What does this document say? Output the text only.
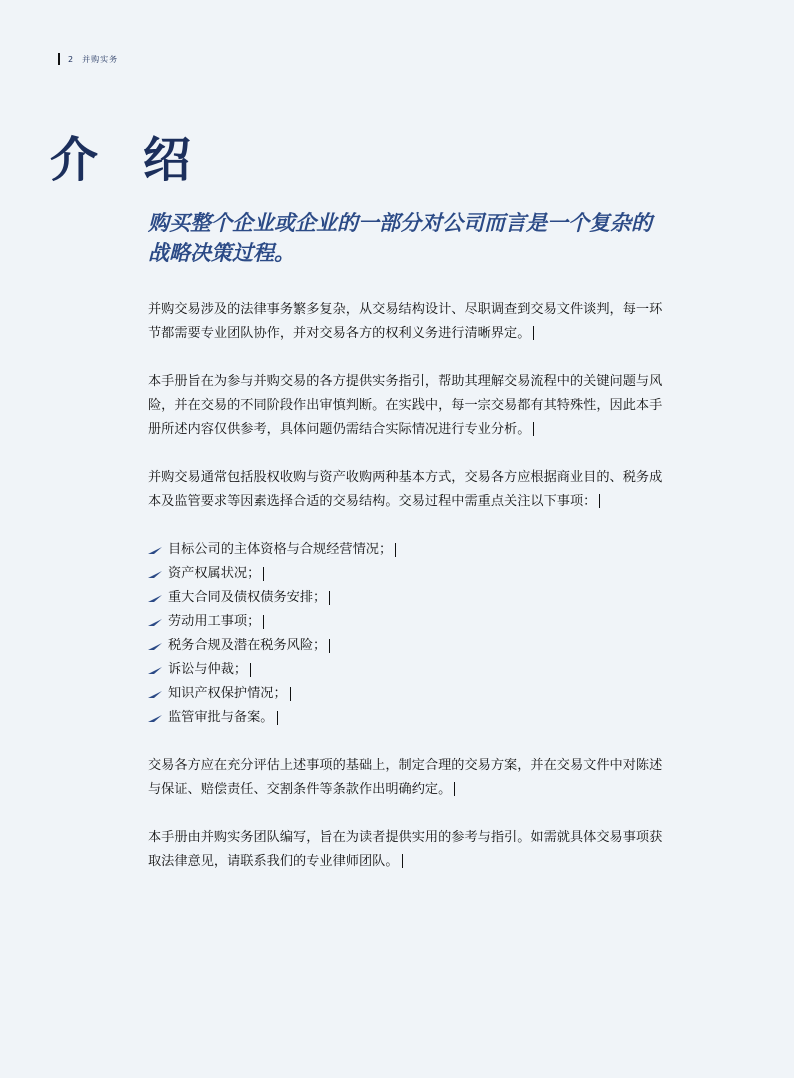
2 并购实务
介 绍
购买整个企业或企业的一部分对公司而言是一个复杂的战略决策过程。

并购交易涉及的法律事务繁多复杂，从交易结构设计、尽职调查到交易文件谈判，每一环节都需要专业团队协作，并对交易各方的权利义务进行清晰界定。

本手册旨在为参与并购交易的各方提供实务指引，帮助其理解交易流程中的关键问题与风险，并在交易的不同阶段作出审慎判断。在实践中，每一宗交易都有其特殊性，因此本手册所述内容仅供参考，具体问题仍需结合实际情况进行专业分析。

并购交易通常包括股权收购与资产收购两种基本方式，交易各方应根据商业目的、税务成本及监管要求等因素选择合适的交易结构。交易过程中需重点关注以下事项：

目标公司的主体资格与合规经营情况；
资产权属状况；
重大合同及债权债务安排；
劳动用工事项；
税务合规及潜在税务风险；
诉讼与仲裁；
知识产权保护情况；
监管审批与备案。

交易各方应在充分评估上述事项的基础上，制定合理的交易方案，并在交易文件中对陈述与保证、赔偿责任、交割条件等条款作出明确约定。

本手册由并购实务团队编写，旨在为读者提供实用的参考与指引。如需就具体交易事项获取法律意见，请联系我们的专业律师团队。
